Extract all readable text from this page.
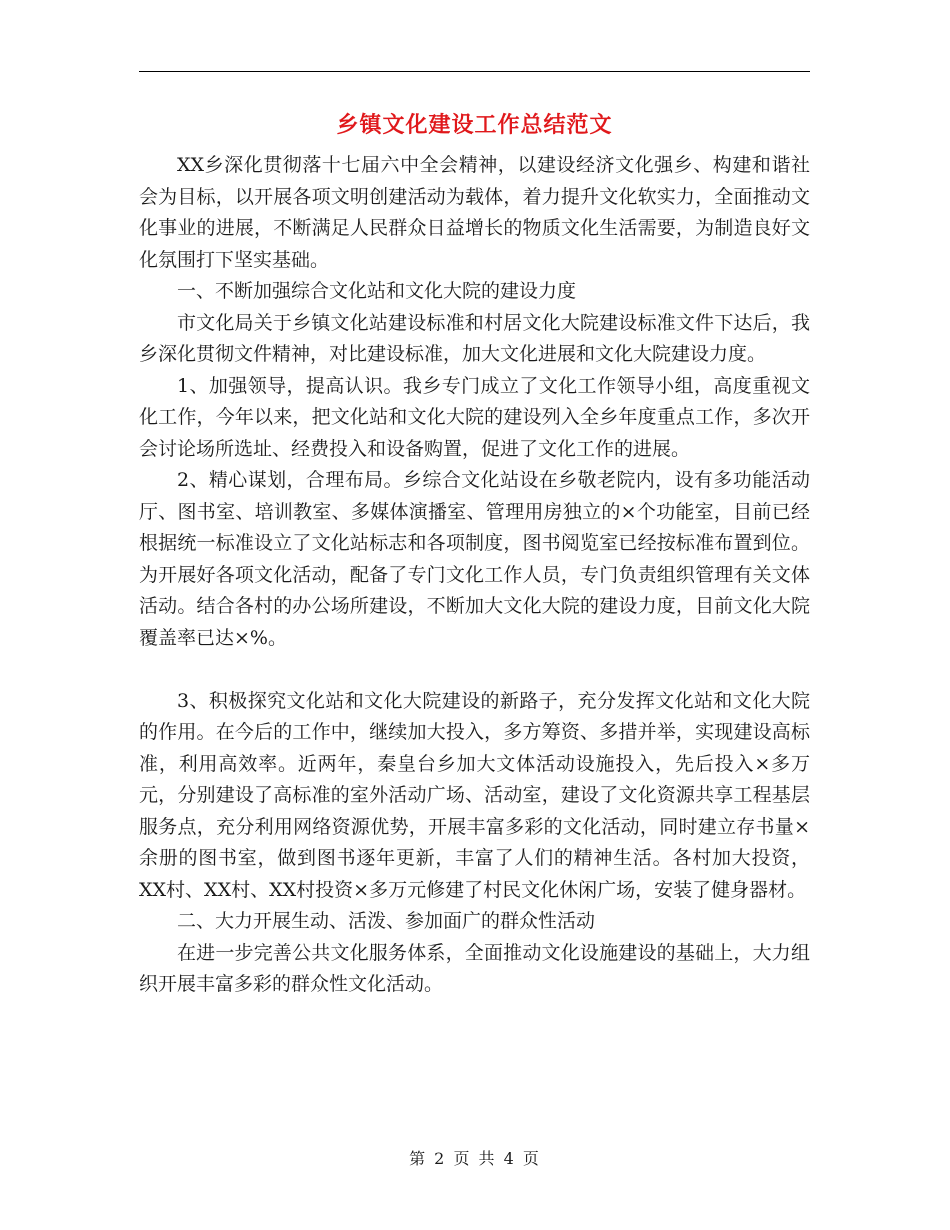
乡镇文化建设工作总结范文

XX乡深化贯彻落十七届六中全会精神，以建设经济文化强乡、构建和谐社会为目标，以开展各项文明创建活动为载体，着力提升文化软实力，全面推动文化事业的进展，不断满足人民群众日益增长的物质文化生活需要，为制造良好文化氛围打下坚实基础。

一、不断加强综合文化站和文化大院的建设力度

市文化局关于乡镇文化站建设标准和村居文化大院建设标准文件下达后，我乡深化贯彻文件精神，对比建设标准，加大文化进展和文化大院建设力度。

1、加强领导，提高认识。我乡专门成立了文化工作领导小组，高度重视文化工作，今年以来，把文化站和文化大院的建设列入全乡年度重点工作，多次开会讨论场所选址、经费投入和设备购置，促进了文化工作的进展。

2、精心谋划，合理布局。乡综合文化站设在乡敬老院内，设有多功能活动厅、图书室、培训教室、多媒体演播室、管理用房独立的×个功能室，目前已经根据统一标准设立了文化站标志和各项制度，图书阅览室已经按标准布置到位。为开展好各项文化活动，配备了专门文化工作人员，专门负责组织管理有关文体活动。结合各村的办公场所建设，不断加大文化大院的建设力度，目前文化大院覆盖率已达×%。

3、积极探究文化站和文化大院建设的新路子，充分发挥文化站和文化大院的作用。在今后的工作中，继续加大投入，多方筹资、多措并举，实现建设高标准，利用高效率。近两年，秦皇台乡加大文体活动设施投入，先后投入×多万元，分别建设了高标准的室外活动广场、活动室，建设了文化资源共享工程基层服务点，充分利用网络资源优势，开展丰富多彩的文化活动，同时建立存书量×余册的图书室，做到图书逐年更新，丰富了人们的精神生活。各村加大投资，XX村、XX村、XX村投资×多万元修建了村民文化休闲广场，安装了健身器材。

二、大力开展生动、活泼、参加面广的群众性活动

在进一步完善公共文化服务体系，全面推动文化设施建设的基础上，大力组织开展丰富多彩的群众性文化活动。

第 2 页 共 4 页
